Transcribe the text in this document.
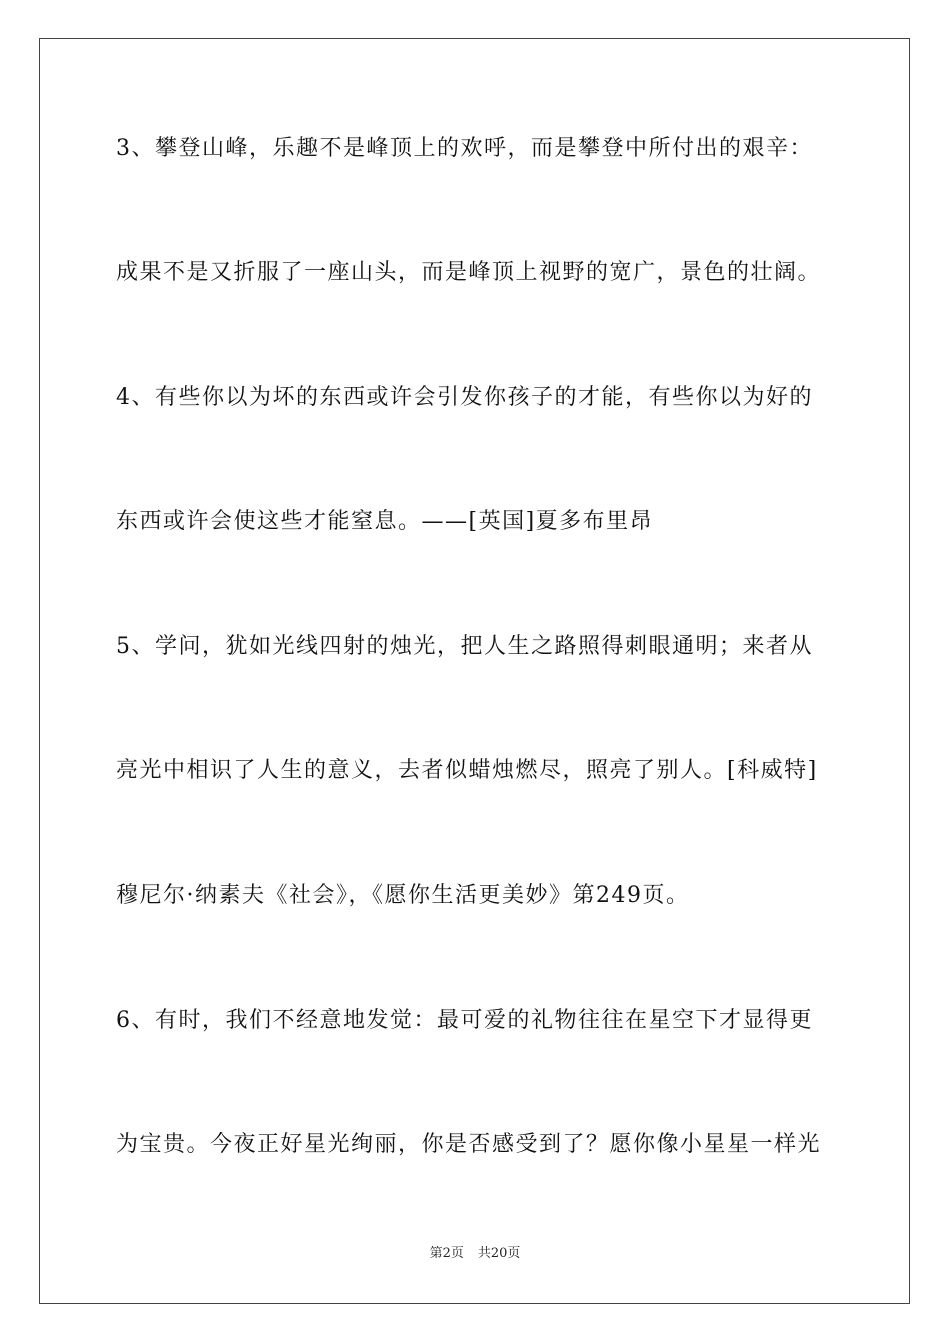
3、攀登山峰，乐趣不是峰顶上的欢呼，而是攀登中所付出的艰辛：
成果不是又折服了一座山头，而是峰顶上视野的宽广，景色的壮阔。
4、有些你以为坏的东西或许会引发你孩子的才能，有些你以为好的
东西或许会使这些才能窒息。——[英国]夏多布里昂
5、学问，犹如光线四射的烛光，把人生之路照得刺眼通明；来者从
亮光中相识了人生的意义，去者似蜡烛燃尽，照亮了别人。[科威特]
穆尼尔·纳素夫《社会》，《愿你生活更美妙》第249页。
6、有时，我们不经意地发觉：最可爱的礼物往往在星空下才显得更
为宝贵。今夜正好星光绚丽，你是否感受到了？愿你像小星星一样光
第2页 共20页
